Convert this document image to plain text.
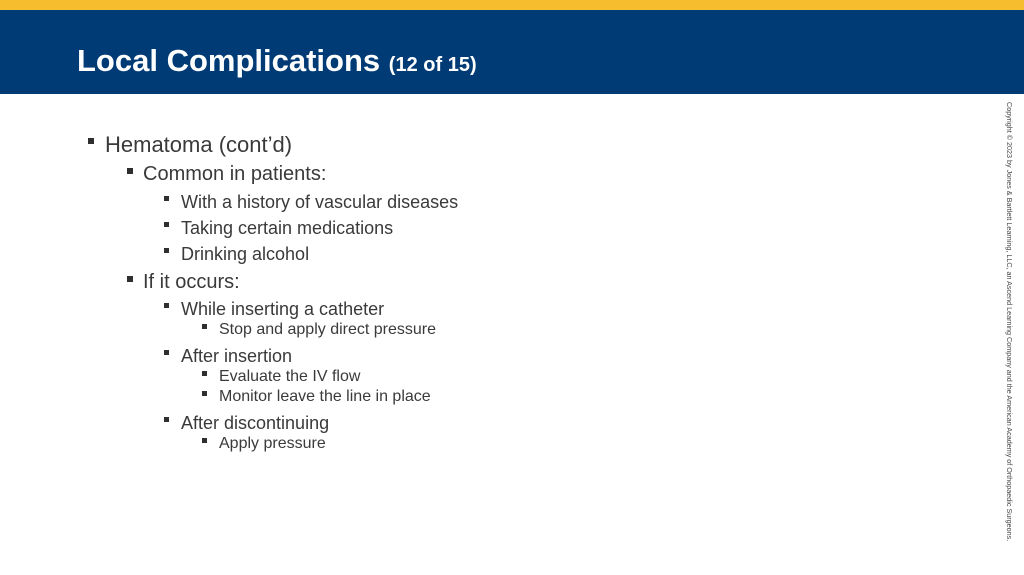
Local Complications (12 of 15)
Hematoma (cont’d)
Common in patients:
With a history of vascular diseases
Taking certain medications
Drinking alcohol
If it occurs:
While inserting a catheter
Stop and apply direct pressure
After insertion
Evaluate the IV flow
Monitor leave the line in place
After discontinuing
Apply pressure	Copyright © 2023 by Jones & Bartlett Learning, LLC, an Ascend Learning Company and the American Academy of Orthopaedic Surgeons.
